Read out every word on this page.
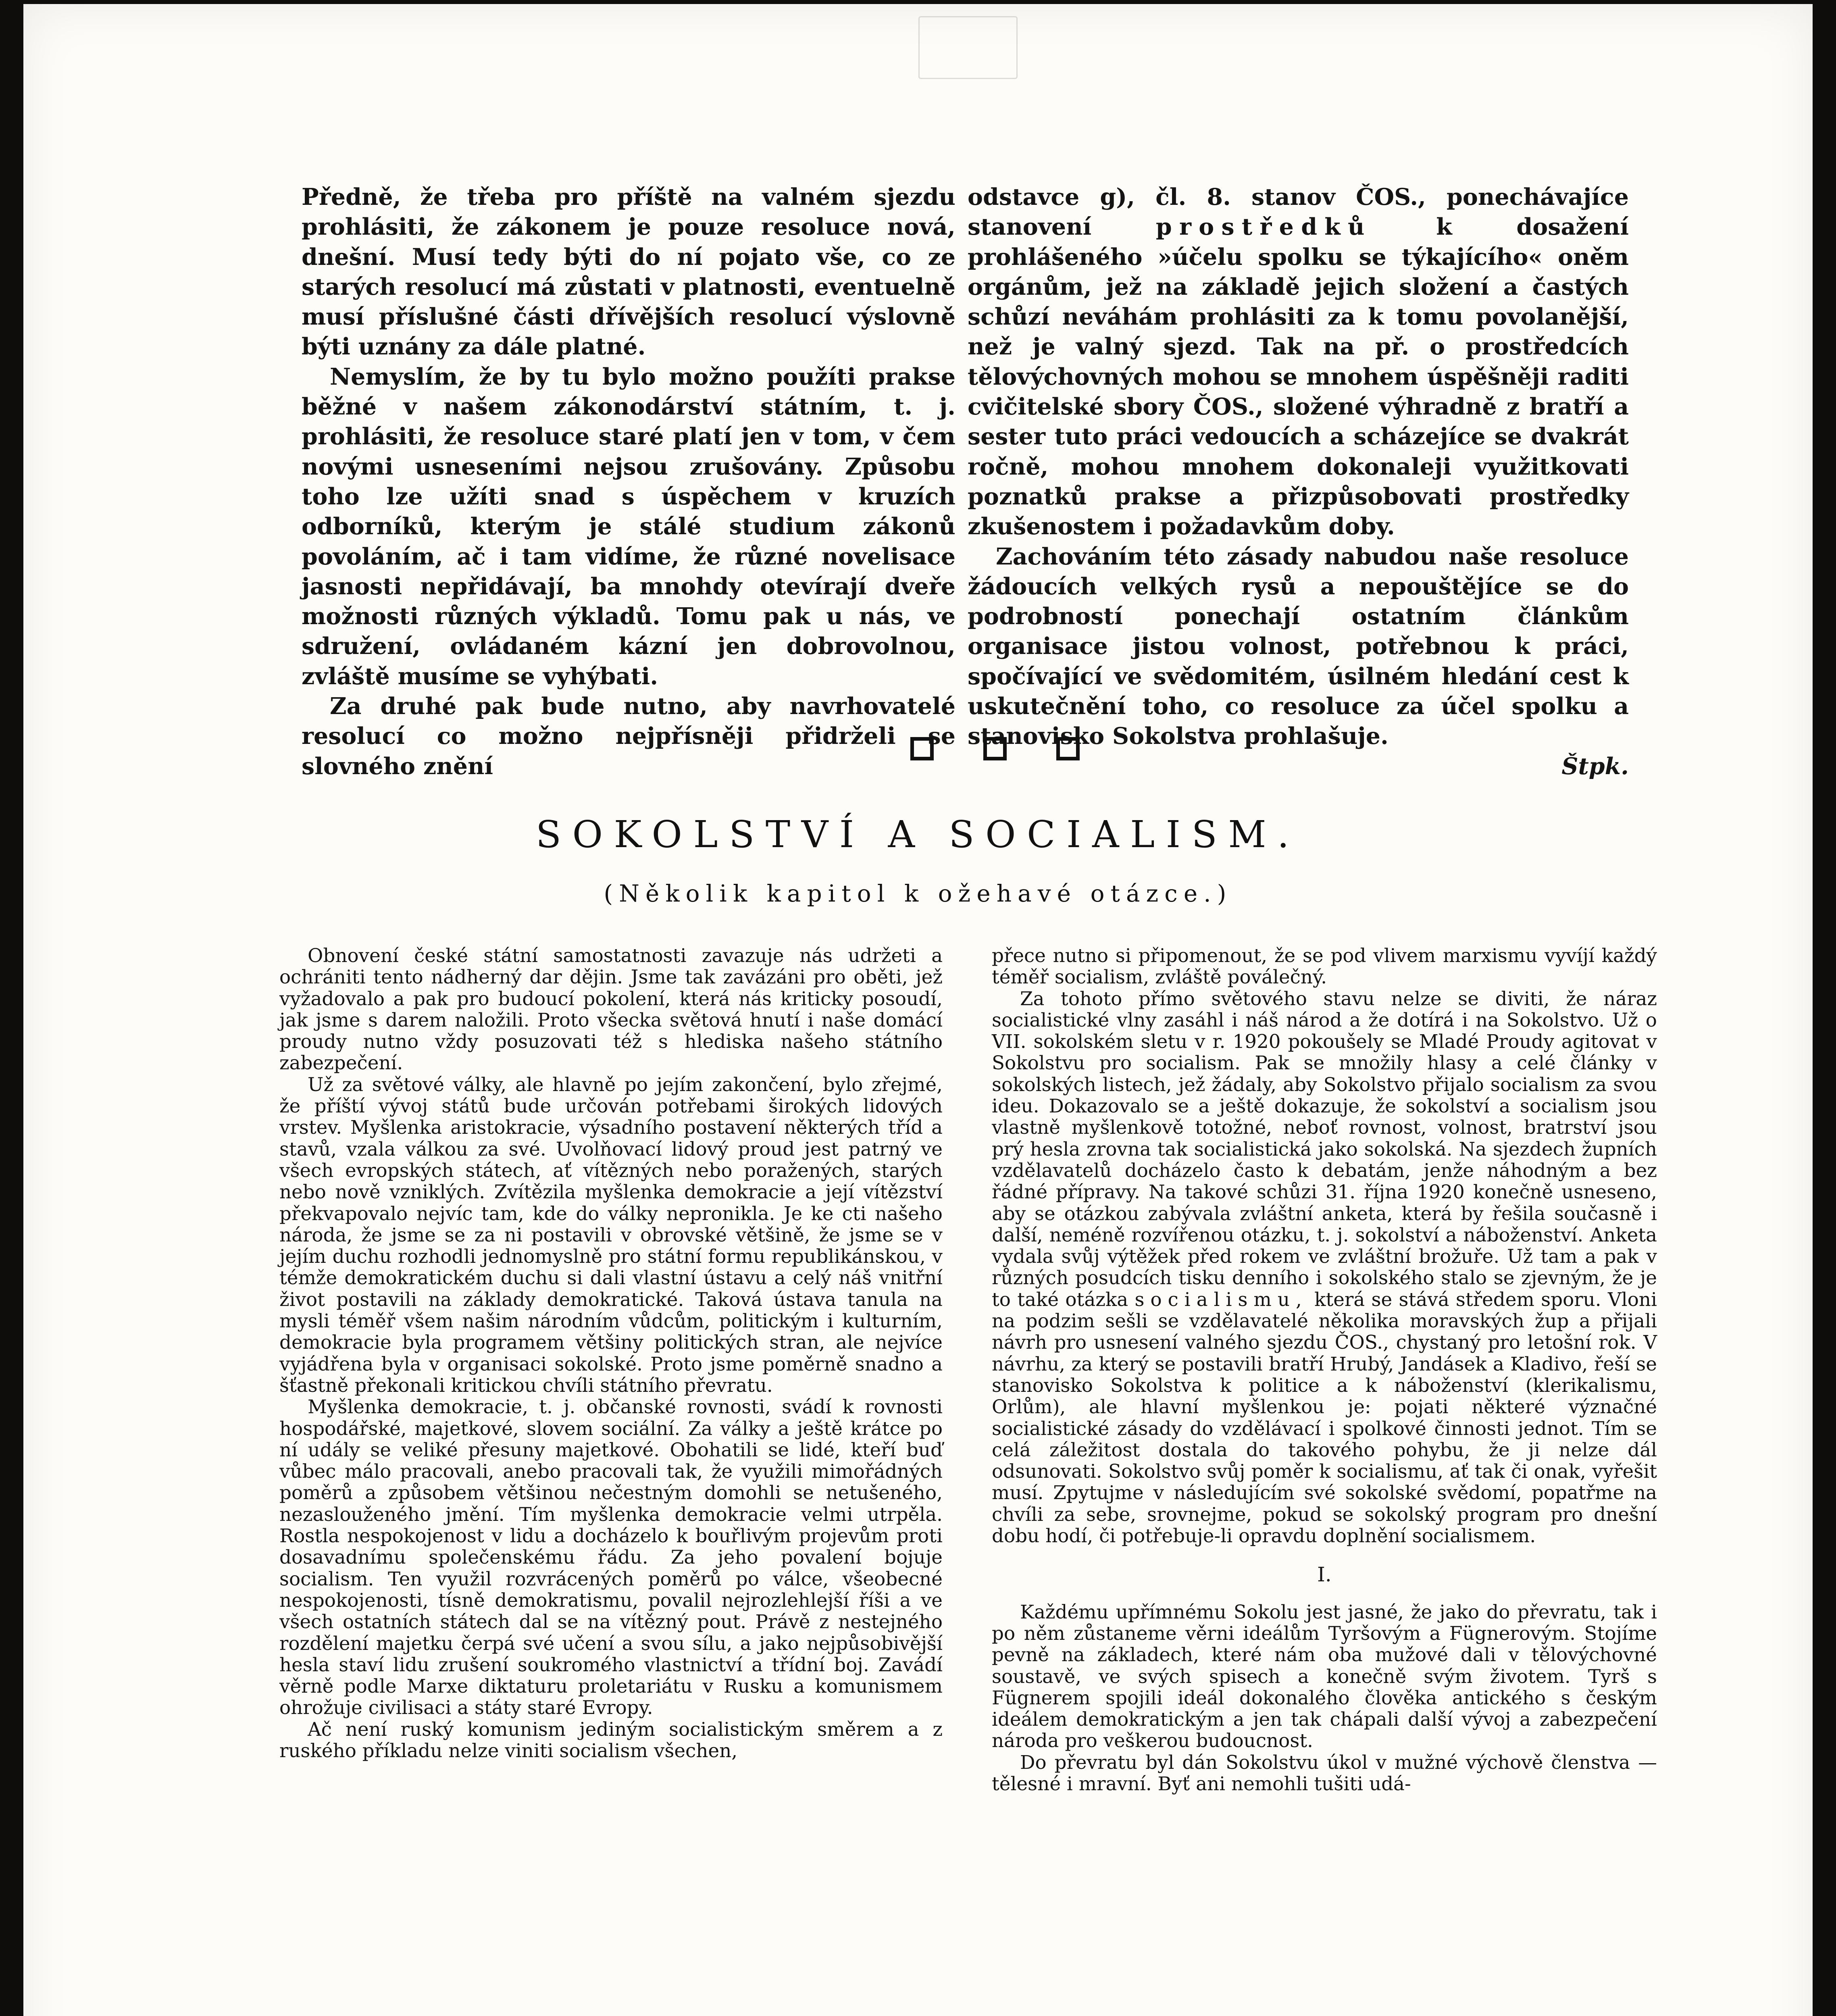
Předně, že třeba pro příště na valném sjezdu prohlásiti, že zákonem je pouze resoluce nová, dnešní. Musí tedy býti do ní pojato vše, co ze starých resolucí má zůstati v platnosti, eventuelně musí příslušné části dřívějších resolucí výslovně býti uznány za dále platné.

Nemyslím, že by tu bylo možno použíti prakse běžné v našem zákonodárství státním, t. j. prohlásiti, že resoluce staré platí jen v tom, v čem novými usneseními nejsou zrušovány. Způsobu toho lze užíti snad s úspěchem v kruzích odborníků, kterým je stálé studium zákonů povoláním, ač i tam vidíme, že různé novelisace jasnosti nepřidávají, ba mnohdy otevírají dveře možnosti různých výkladů. Tomu pak u nás, ve sdružení, ovládaném kázní jen dobrovolnou, zvláště musíme se vyhýbati.

Za druhé pak bude nutno, aby navrhovatelé resolucí co možno nejpřísněji přidrželi se slovného znění

odstavce g), čl. 8. stanov ČOS., ponechávajíce stanovení	prostředků	k dosažení prohlášeného »účelu spolku se týkajícího« oněm orgánům, jež na základě jejich složení a častých schůzí neváhám prohlásiti za k tomu povolanější, než je valný sjezd. Tak na př. o prostředcích tělovýchovných mohou se mnohem úspěšněji raditi cvičitelské sbory ČOS., složené výhradně z bratří a sester tuto práci vedoucích a scházejíce se dvakrát ročně, mohou mnohem dokonaleji využitkovati poznatků prakse a přizpůsobovati prostředky zkušenostem i požadavkům doby.

Zachováním této zásady nabudou naše resoluce žádoucích velkých rysů a nepouštějíce se do podrobností ponechají ostatním článkům organisace jistou volnost, potřebnou k práci, spočívající ve svědomitém, úsilném hledání cest k uskutečnění toho, co resoluce za účel spolku a stanovisko Sokolstva prohlašuje.

Štpk.
SOKOLSTVÍ A SOCIALISM.
(Několik kapitol k ožehavé otázce.)

Obnovení české státní samostatnosti zavazuje nás udržeti a ochrániti tento nádherný dar dějin. Jsme tak zavázáni pro oběti, jež vyžadovalo a pak pro budoucí pokolení, která nás kriticky posoudí, jak jsme s darem naložili. Proto všecka světová hnutí i naše domácí proudy nutno vždy posuzovati též s hlediska našeho státního zabezpečení.

Už za světové války, ale hlavně po jejím zakončení, bylo zřejmé, že příští vývoj států bude určován potřebami širokých lidových vrstev. Myšlenka aristokracie, výsadního postavení některých tříd a stavů, vzala válkou za své. Uvolňovací lidový proud jest patrný ve všech evropských státech, ať vítězných nebo poražených, starých nebo nově vzniklých. Zvítězila myšlenka demokracie a její vítězství překvapovalo nejvíc tam, kde do války nepronikla. Je ke cti našeho národa, že jsme se za ni postavili v obrovské většině, že jsme se v jejím duchu rozhodli jednomyslně pro státní formu republikánskou, v témže demokratickém duchu si dali vlastní ústavu a celý náš vnitřní život postavili na základy demokratické. Taková ústava tanula na mysli téměř všem našim národním vůdcům, politickým i kulturním, demokracie byla programem většiny politických stran, ale nejvíce vyjádřena byla v organisaci sokolské. Proto jsme poměrně snadno a šťastně překonali kritickou chvíli státního převratu.

Myšlenka demokracie, t. j. občanské rovnosti, svádí k rovnosti hospodářské, majetkové, slovem sociální. Za války a ještě krátce po ní udály se veliké přesuny majetkové. Obohatili se lidé, kteří buď vůbec málo pracovali, anebo pracovali tak, že využili mimořádných poměrů a způsobem většinou nečestným domohli se netušeného, nezaslouženého jmění. Tím myšlenka demokracie velmi utrpěla. Rostla nespokojenost v lidu a docházelo k bouřlivým projevům proti dosavadnímu společenskému řádu. Za jeho povalení bojuje socialism. Ten využil rozvrácených poměrů po válce, všeobecné nespokojenosti, tísně demokratismu, povalil nejrozlehlejší říši a ve všech ostatních státech dal se na vítězný pout. Právě z nestejného rozdělení majetku čerpá své učení a svou sílu, a jako nejpůsobivější hesla staví lidu zrušení soukromého vlastnictví a třídní boj. Zavádí věrně podle Marxe diktaturu proletariátu v Rusku a komunismem ohrožuje civilisaci a státy staré Evropy.

Ač není ruský komunism jediným socialistickým směrem a z ruského příkladu nelze viniti socialism všechen,

přece nutno si připomenout, že se pod vlivem marxismu vyvíjí každý téměř socialism, zvláště poválečný.

Za tohoto přímo světového stavu nelze se diviti, že náraz socialistické vlny zasáhl i náš národ a že dotírá i na Sokolstvo. Už o VII. sokolském sletu v r. 1920 pokoušely se Mladé Proudy agitovat v Sokolstvu pro socialism. Pak se množily hlasy a celé články v sokolských listech, jež žádaly, aby Sokolstvo přijalo socialism za svou ideu. Dokazovalo se a ještě dokazuje, že sokolství a socialism jsou vlastně myšlenkově totožné, neboť rovnost, volnost, bratrství jsou prý hesla zrovna tak socialistická jako sokolská. Na sjezdech župních vzdělavatelů docházelo často k debatám, jenže náhodným a bez řádné přípravy. Na takové schůzi 31. října 1920 konečně usneseno, aby se otázkou zabývala zvláštní anketa, která by řešila současně i další, neméně rozvířenou otázku, t. j. sokolství a náboženství. Anketa vydala svůj výtěžek před rokem ve zvláštní brožuře. Už tam a pak v různých posudcích tisku denního i sokolského stalo se zjevným, že je to také otázka socialismu, která se stává středem sporu. Vloni na podzim sešli se vzdělavatelé několika moravských žup a přijali návrh pro usnesení valného sjezdu ČOS., chystaný pro letošní rok. V návrhu, za který se postavili bratří Hrubý, Jandásek a Kladivo, řeší se stanovisko Sokolstva k politice a k náboženství (klerikalismu, Orlům), ale hlavní myšlenkou je: pojati některé význačné socialistické zásady do vzdělávací i spolkové činnosti jednot. Tím se celá záležitost dostala do takového pohybu, že ji nelze dál odsunovati. Sokolstvo svůj poměr k socialismu, ať tak či onak, vyřešit musí. Zpytujme v následujícím své sokolské svědomí, popatřme na chvíli za sebe, srovnejme, pokud se sokolský program pro dnešní dobu hodí, či potřebuje-li opravdu doplnění socialismem.

I.

Každému upřímnému Sokolu jest jasné, že jako do převratu, tak i po něm zůstaneme věrni ideálům Tyršovým a Fügnerovým. Stojíme pevně na základech, které nám oba mužové dali v tělovýchovné soustavě, ve svých spisech a konečně svým životem. Tyrš s Fügnerem spojili ideál dokonalého člověka antického s českým ideálem demokratickým a jen tak chápali další vývoj a zabezpečení národa pro veškerou budoucnost.

Do převratu byl dán Sokolstvu úkol v mužné výchově členstva — tělesné i mravní. Byť ani nemohli tušiti udá-
